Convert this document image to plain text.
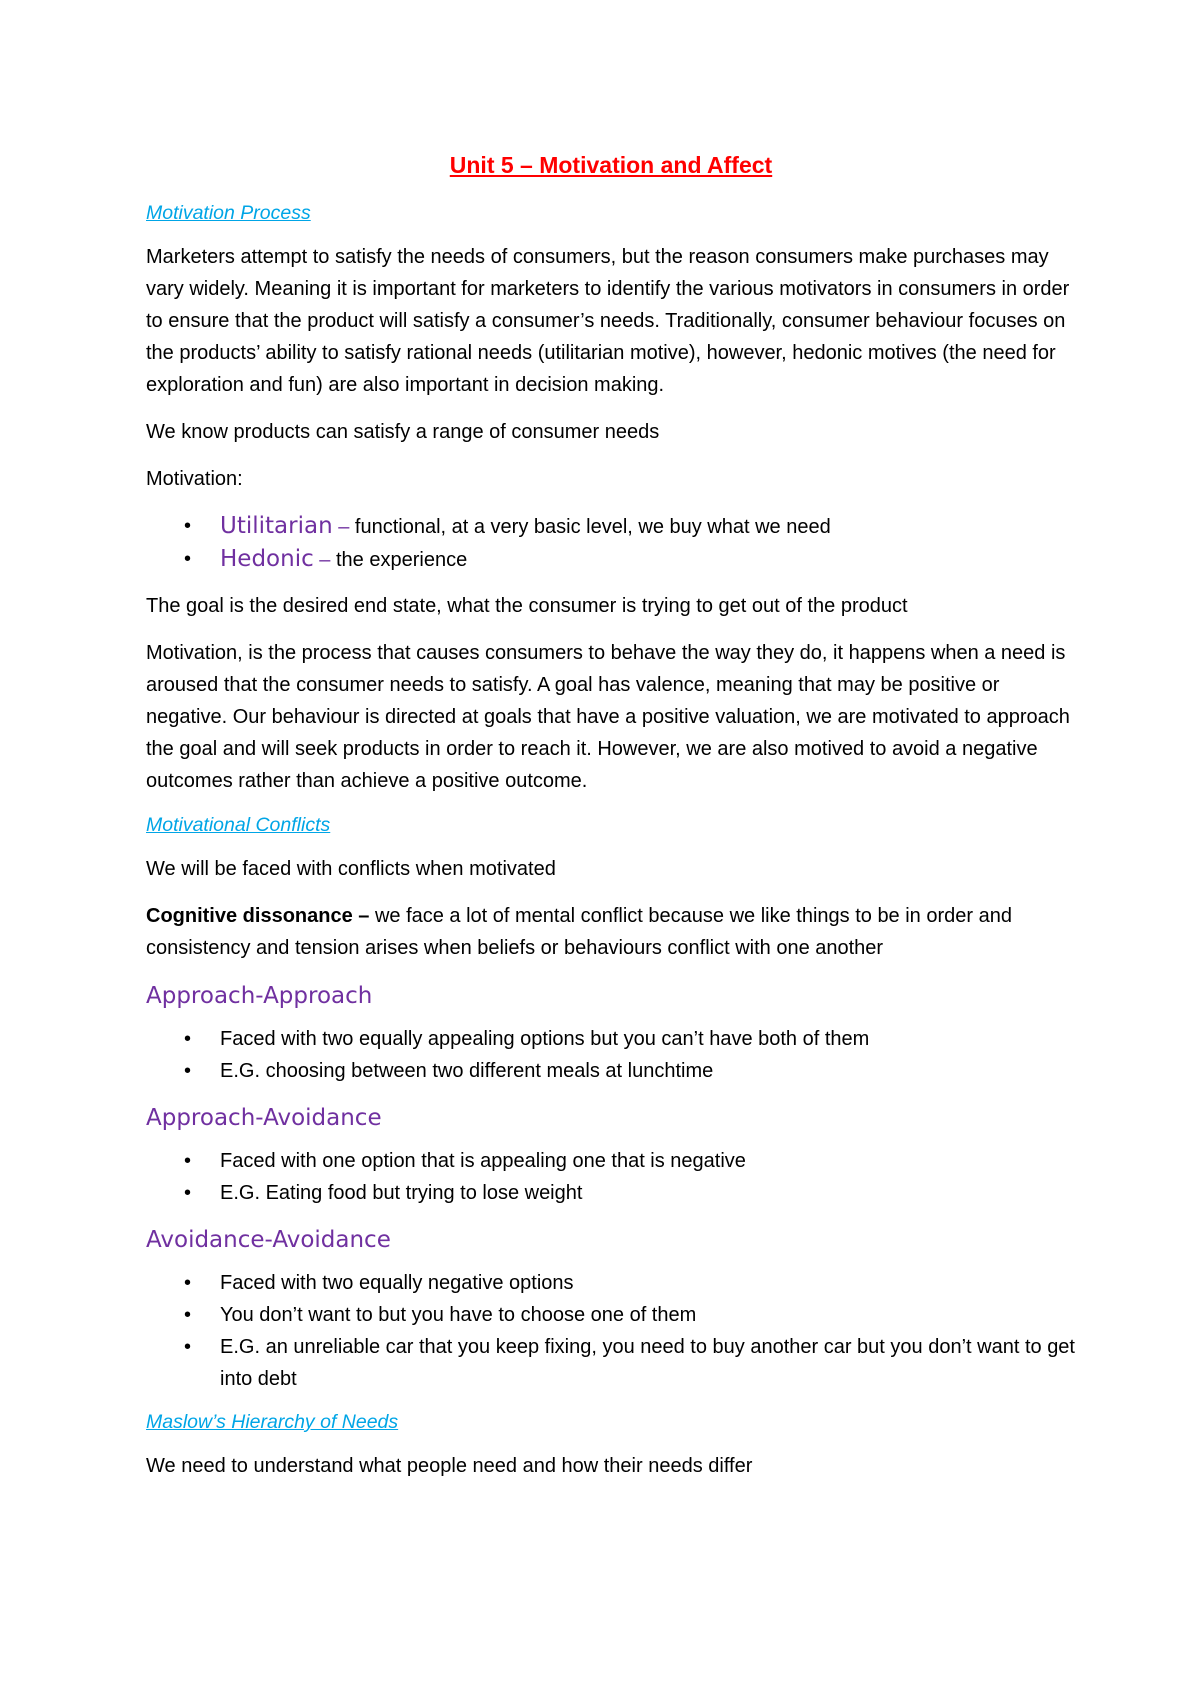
Unit 5 – Motivation and Affect
Motivation Process

Marketers attempt to satisfy the needs of consumers, but the reason consumers make purchases may vary widely. Meaning it is important for marketers to identify the various motivators in consumers in order to ensure that the product will satisfy a consumer’s needs. Traditionally, consumer behaviour focuses on the products’ ability to satisfy rational needs (utilitarian motive), however, hedonic motives (the need for exploration and fun) are also important in decision making.

We know products can satisfy a range of consumer needs

Motivation:

• Utilitarian – functional, at a very basic level, we buy what we need
• Hedonic – the experience

The goal is the desired end state, what the consumer is trying to get out of the product

Motivation, is the process that causes consumers to behave the way they do, it happens when a need is aroused that the consumer needs to satisfy. A goal has valence, meaning that may be positive or negative. Our behaviour is directed at goals that have a positive valuation, we are motivated to approach the goal and will seek products in order to reach it. However, we are also motived to avoid a negative outcomes rather than achieve a positive outcome.

Motivational Conflicts

We will be faced with conflicts when motivated

Cognitive dissonance – we face a lot of mental conflict because we like things to be in order and consistency and tension arises when beliefs or behaviours conflict with one another

Approach-Approach
• Faced with two equally appealing options but you can’t have both of them
• E.G. choosing between two different meals at lunchtime
Approach-Avoidance
• Faced with one option that is appealing one that is negative
• E.G. Eating food but trying to lose weight
Avoidance-Avoidance
• Faced with two equally negative options
• You don’t want to but you have to choose one of them
• E.G. an unreliable car that you keep fixing, you need to buy another car but you don’t want to get into debt
Maslow’s Hierarchy of Needs

We need to understand what people need and how their needs differ
